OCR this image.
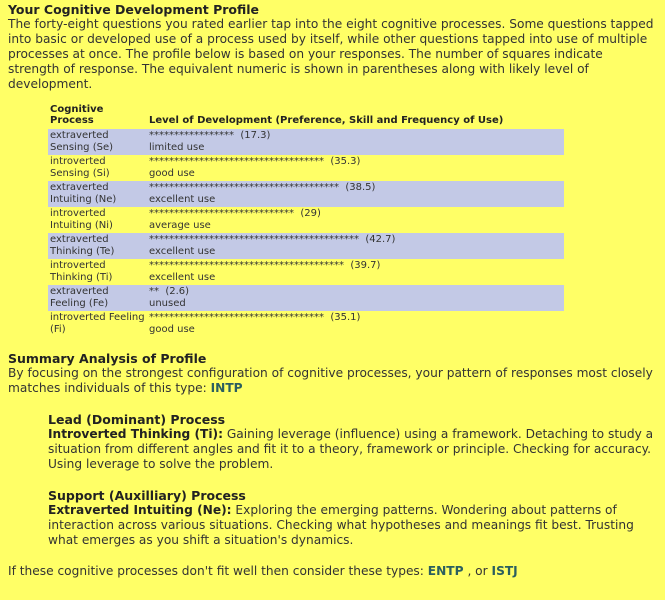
Your Cognitive Development Profile

The forty-eight questions you rated earlier tap into the eight cognitive processes. Some questions tapped into basic or developed use of a process used by itself, while other questions tapped into use of multiple processes at once. The profile below is based on your responses. The number of squares indicate strength of response. The equivalent numeric is shown in parentheses along with likely level of development.

Cognitive Process	Level of Development (Preference, Skill and Frequency of Use)
extraverted Sensing (Se)	***************** (17.3)
limited use
introverted Sensing (Si)	*********************************** (35.3)
good use
extraverted Intuiting (Ne)	************************************** (38.5)
excellent use
introverted Intuiting (Ni)	***************************** (29)
average use
extraverted Thinking (Te)	****************************************** (42.7)
excellent use
introverted Thinking (Ti)	*************************************** (39.7)
excellent use
extraverted Feeling (Fe)	** (2.6)
unused
introverted Feeling (Fi)	*********************************** (35.1)
good use
Summary Analysis of Profile

By focusing on the strongest configuration of cognitive processes, your pattern of responses most closely matches individuals of this type: INTP

Lead (Dominant) Process

Introverted Thinking (Ti): Gaining leverage (influence) using a framework. Detaching to study a situation from different angles and fit it to a theory, framework or principle. Checking for accuracy. Using leverage to solve the problem.

Support (Auxilliary) Process

Extraverted Intuiting (Ne): Exploring the emerging patterns. Wondering about patterns of interaction across various situations. Checking what hypotheses and meanings fit best. Trusting what emerges as you shift a situation's dynamics.

If these cognitive processes don't fit well then consider these types: ENTP , or ISTJ
